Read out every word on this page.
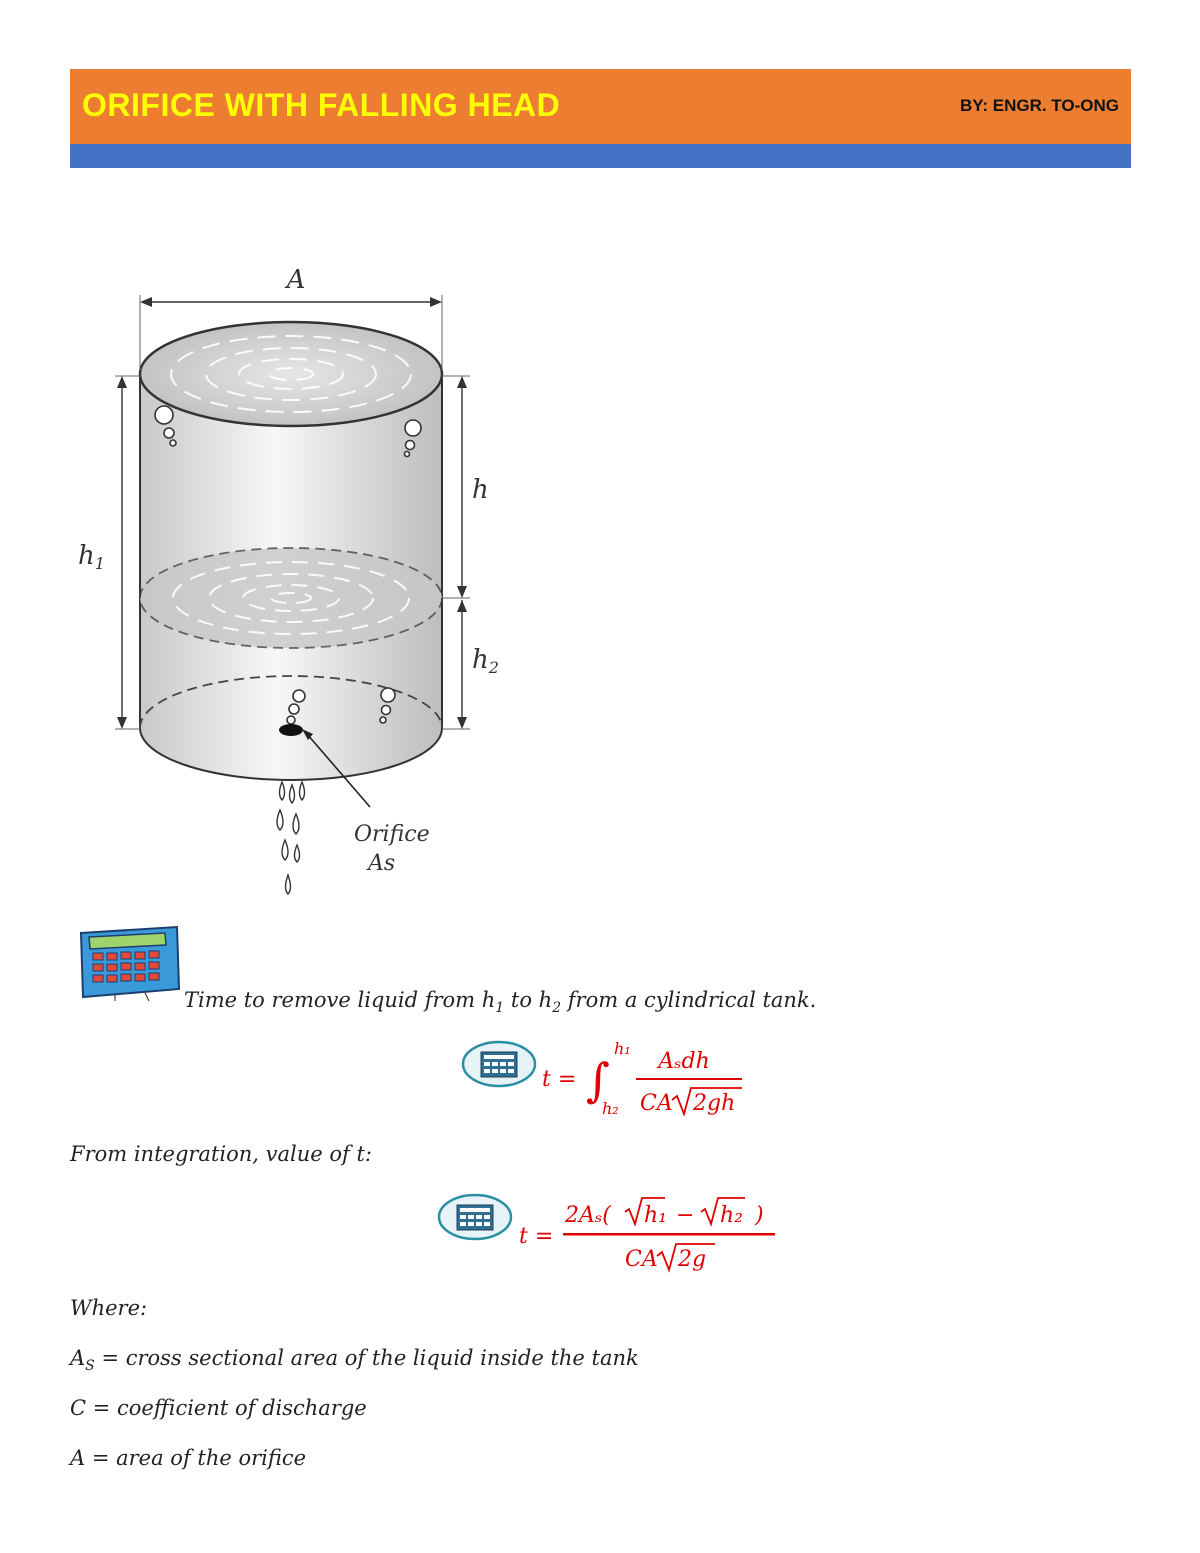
ORIFICE WITH FALLING HEAD	BY: ENGR. TO-ONG
A
h1
h
h2
Orifice
As
Time to remove liquid from $h_1$ to $h_2$ from a cylindrical tank.
t = ∫
h₁
h₂
Aₛdh
CA 2gh
From integration, value of t:
t =
2Aₛ( h₁ − h₂ )
CA 2g
Where:
$A_S$ = cross sectional area of the liquid inside the tank
C = coefficient of discharge
A = area of the orifice
